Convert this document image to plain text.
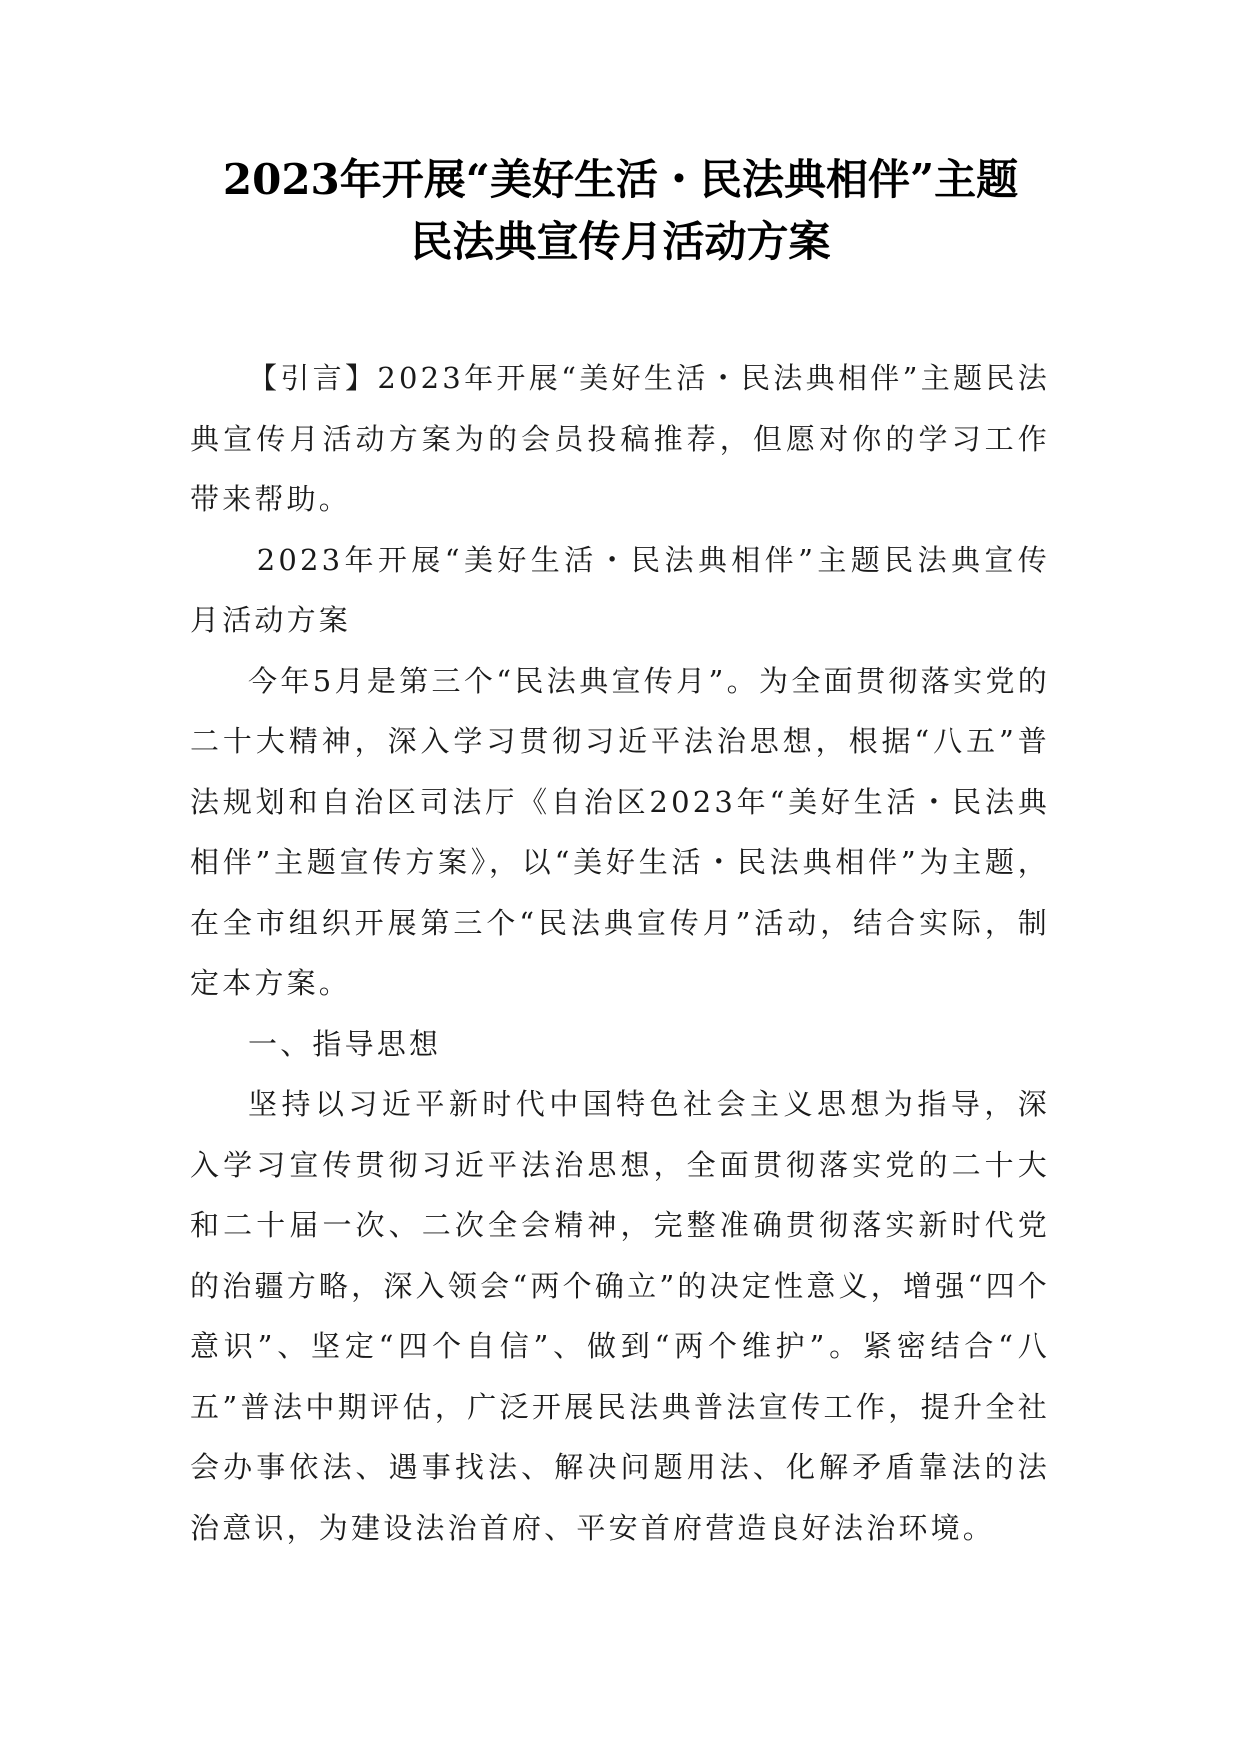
2023年开展“美好生活・民法典相伴”主题
民法典宣传月活动方案

【引言】2023年开展“美好生活・民法典相伴”主题民法典宣传月活动方案为的会员投稿推荐，但愿对你的学习工作带来帮助。

2023年开展“美好生活・民法典相伴”主题民法典宣传月活动方案

今年5月是第三个“民法典宣传月”。为全面贯彻落实党的二十大精神，深入学习贯彻习近平法治思想，根据“八五”普法规划和自治区司法厅《自治区2023年“美好生活・民法典相伴”主题宣传方案》，以“美好生活・民法典相伴”为主题，在全市组织开展第三个“民法典宣传月”活动，结合实际，制定本方案。

一、指导思想

坚持以习近平新时代中国特色社会主义思想为指导，深入学习宣传贯彻习近平法治思想，全面贯彻落实党的二十大和二十届一次、二次全会精神，完整准确贯彻落实新时代党的治疆方略，深入领会“两个确立”的决定性意义，增强“四个意识”、坚定“四个自信”、做到“两个维护”。紧密结合“八五”普法中期评估，广泛开展民法典普法宣传工作，提升全社会办事依法、遇事找法、解决问题用法、化解矛盾靠法的法治意识，为建设法治首府、平安首府营造良好法治环境。
